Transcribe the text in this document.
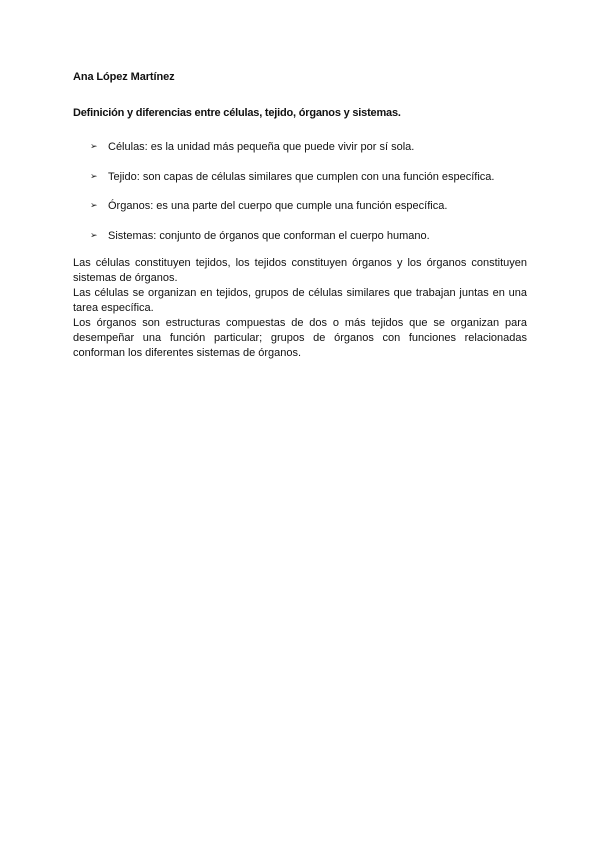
Ana López Martínez
Definición y diferencias entre células, tejido, órganos y sistemas.
➢ Células: es la unidad más pequeña que puede vivir por sí sola.
➢ Tejido: son capas de células similares que cumplen con una función específica.
➢ Órganos: es una parte del cuerpo que cumple una función específica.
➢ Sistemas: conjunto de órganos que conforman el cuerpo humano.

Las células constituyen tejidos, los tejidos constituyen órganos y los órganos constituyen sistemas de órganos.

Las células se organizan en tejidos, grupos de células similares que trabajan juntas en una tarea específica.

Los órganos son estructuras compuestas de dos o más tejidos que se organizan para desempeñar una función particular; grupos de órganos con funciones relacionadas conforman los diferentes sistemas de órganos.
